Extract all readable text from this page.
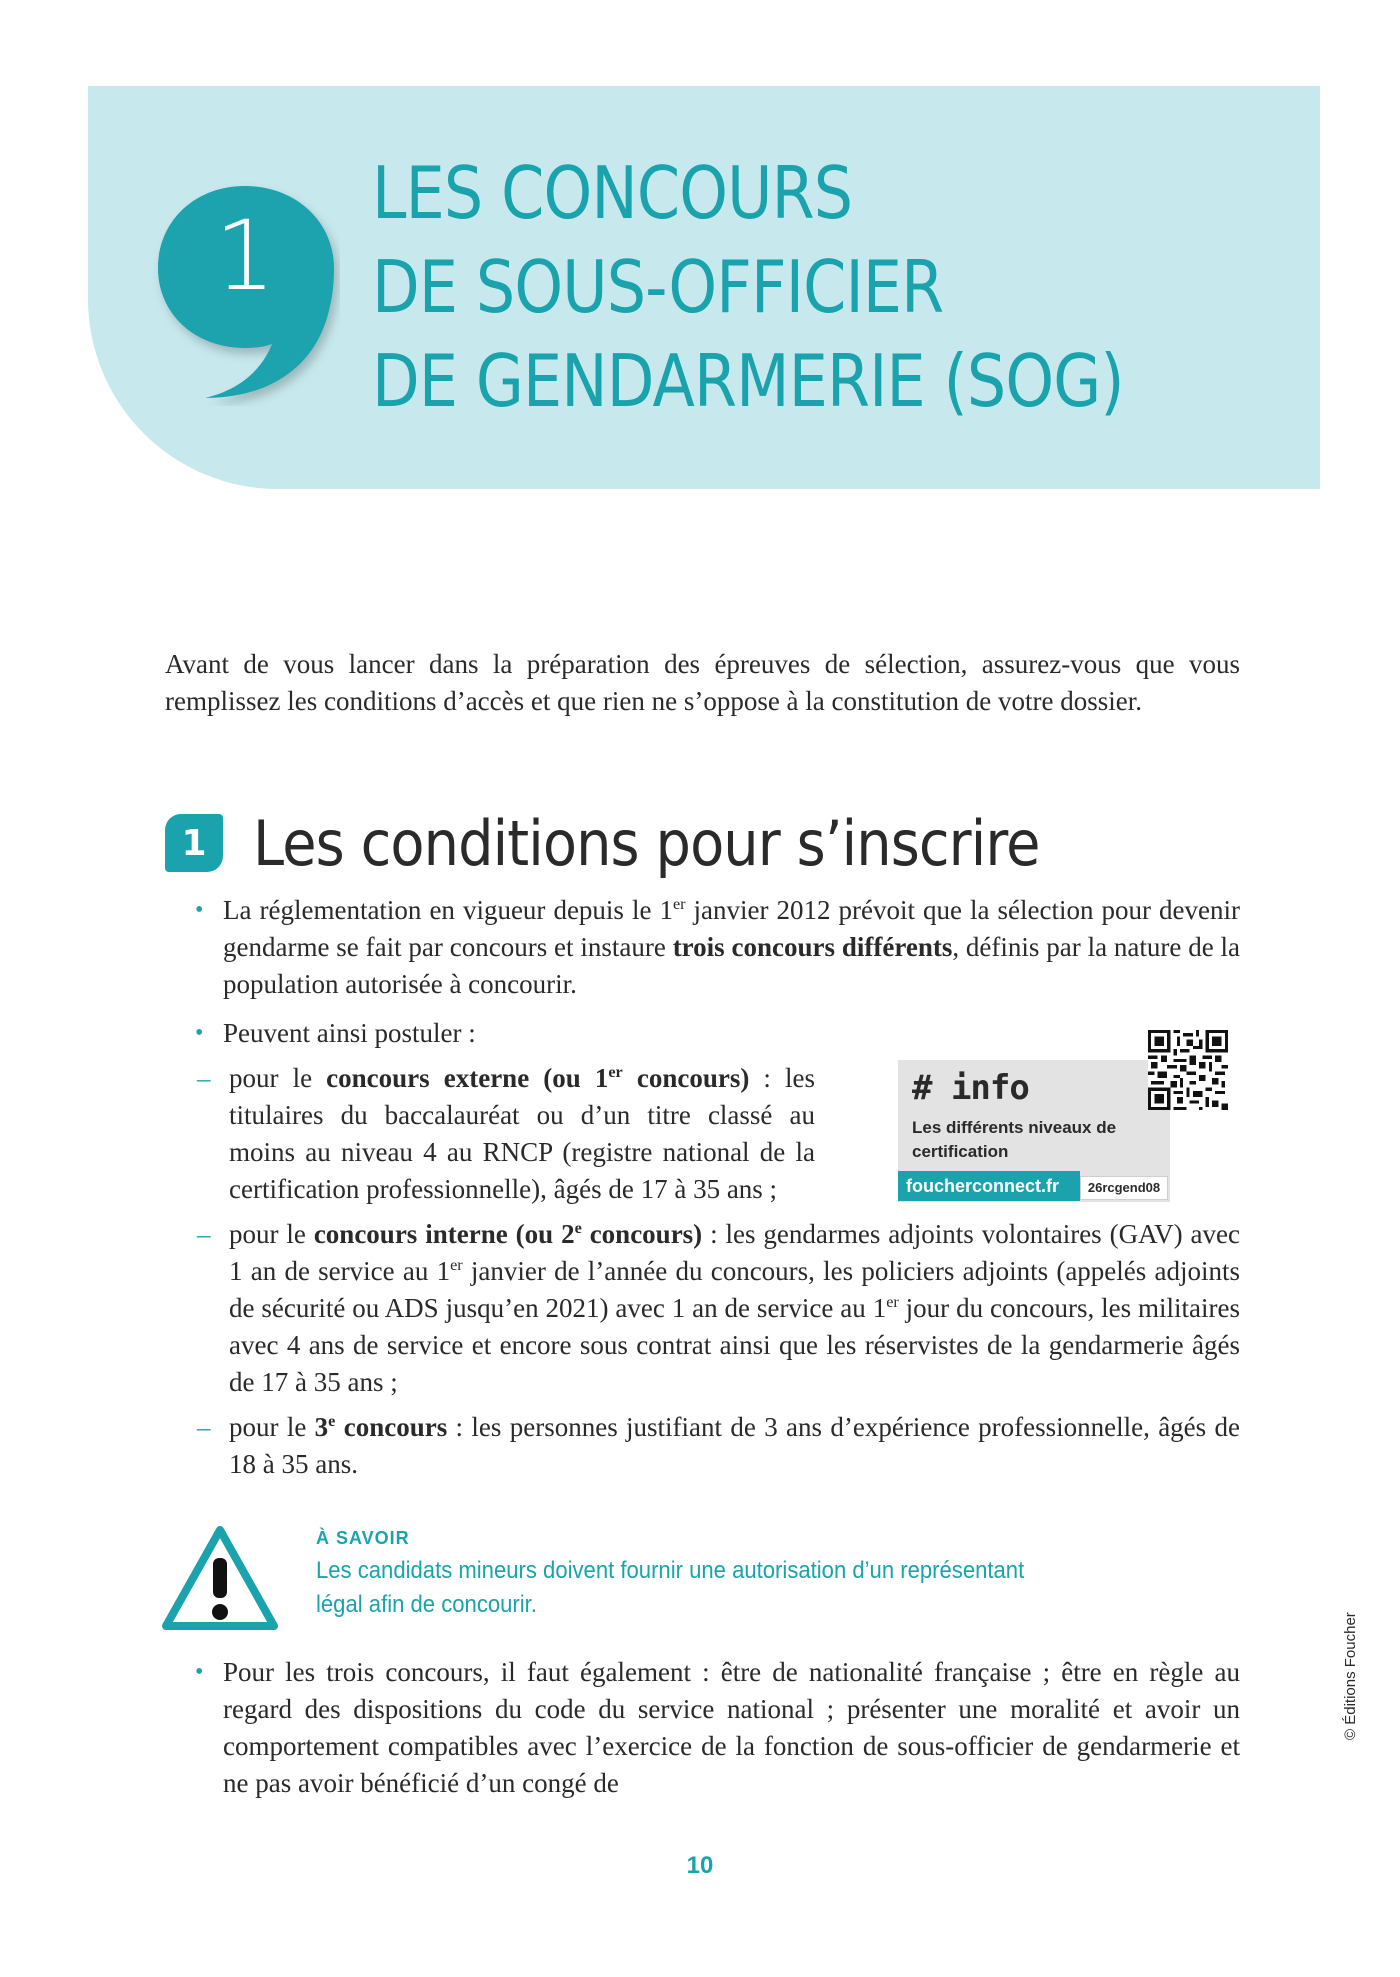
1
LES CONCOURS
DE SOUS-OFFICIER
DE GENDARMERIE (SOG)

Avant de vous lancer dans la préparation des épreuves de sélection, assurez-vous que vous remplissez les conditions d’accès et que rien ne s’oppose à la constitution de votre dossier.

1 Les conditions pour s’inscrire
• La réglementation en vigueur depuis le 1er janvier 2012 prévoit que la sélection pour devenir gendarme se fait par concours et instaure trois concours différents, définis par la nature de la population autorisée à concourir.
• Peuvent ainsi postuler :
– pour le concours externe (ou 1er concours) : les titulaires du baccalauréat ou d’un titre classé au moins au niveau 4 au RNCP (registre national de la certification professionnelle), âgés de 17 à 35 ans ;
– pour le concours interne (ou 2e concours) : les gendarmes adjoints volontaires (GAV) avec 1 an de service au 1er janvier de l’année du concours, les policiers adjoints (appelés adjoints de sécurité ou ADS jusqu’en 2021) avec 1 an de service au 1er jour du concours, les militaires avec 4 ans de service et encore sous contrat ainsi que les réservistes de la gendarmerie âgés de 17 à 35 ans ;
– pour le 3e concours : les personnes justifiant de 3 ans d’expérience professionnelle, âgés de 18 à 35 ans.
# info
Les différents niveaux de certification
foucherconnect.fr	26rcgend08
À SAVOIR
Les candidats mineurs doivent fournir une autorisation d’un représentant légal afin de concourir.
• Pour les trois concours, il faut également : être de nationalité française ; être en règle au regard des dispositions du code du service national ; présenter une moralité et avoir un comportement compatibles avec l’exercice de la fonction de sous-officier de gendarmerie et ne pas avoir bénéficié d’un congé de
10
© Éditions Foucher
